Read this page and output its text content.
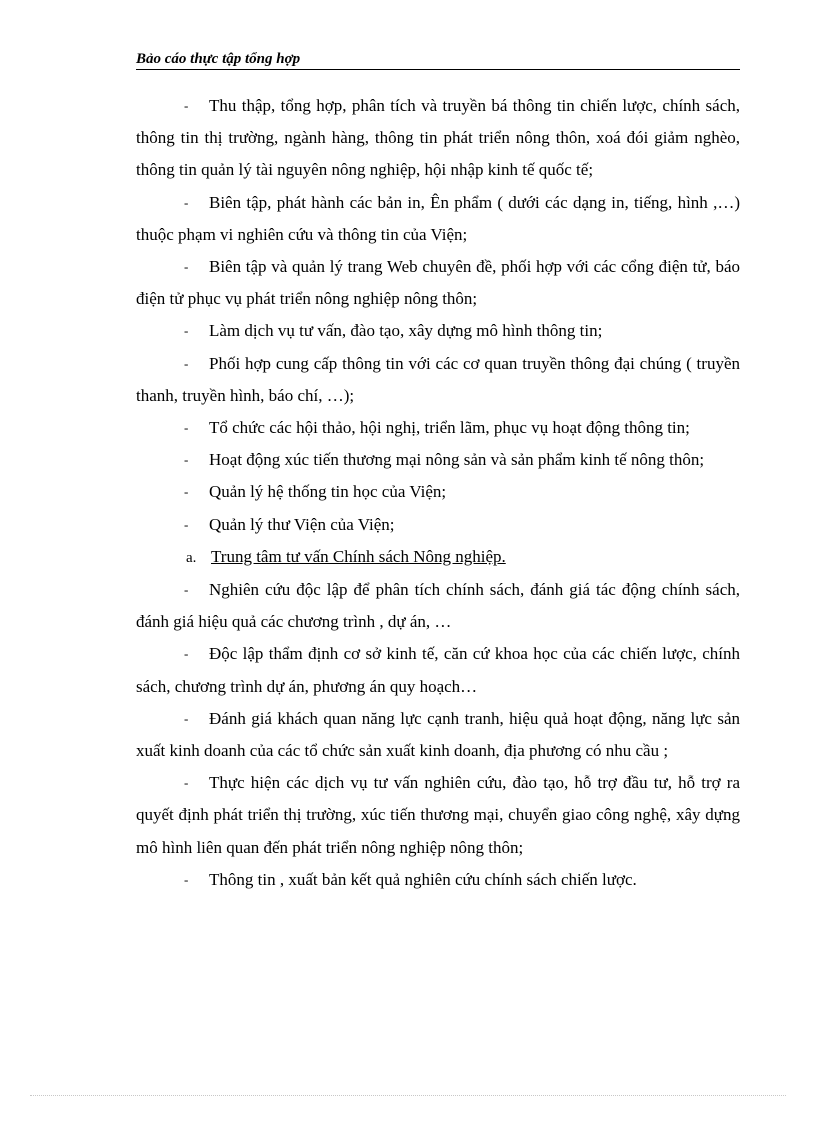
Bảo cáo thực tập tổng hợp

- Thu thập, tổng hợp, phân tích và truyền bá thông tin chiến lược, chính sách, thông tin thị trường, ngành hàng, thông tin phát triển nông thôn, xoá đói giảm nghèo, thông tin quản lý tài nguyên nông nghiệp, hội nhập kinh tế quốc tế;

- Biên tập, phát hành các bản in, Ên phẩm ( dưới các dạng in, tiếng, hình ,…) thuộc phạm vi nghiên cứu và thông tin của Viện;

- Biên tập và quản lý trang Web chuyên đề, phối hợp với các cổng điện tử, báo điện tử phục vụ phát triển nông nghiệp nông thôn;

- Làm dịch vụ tư vấn, đào tạo, xây dựng mô hình thông tin;

- Phối hợp cung cấp thông tin với các cơ quan truyền thông đại chúng ( truyền thanh, truyền hình, báo chí, …);

- Tổ chức các hội thảo, hội nghị, triển lãm, phục vụ hoạt động thông tin;

- Hoạt động xúc tiến thương mại nông sản và sản phẩm kinh tế nông thôn;

- Quản lý hệ thống tin học của Viện;

- Quản lý thư Viện của Viện;

a. Trung tâm tư vấn Chính sách Nông nghiệp.

- Nghiên cứu độc lập để phân tích chính sách, đánh giá tác động chính sách, đánh giá hiệu quả các chương trình , dự án, …

- Độc lập thẩm định cơ sở kinh tế, căn cứ khoa học của các chiến lược, chính sách, chương trình dự án, phương án quy hoạch…

- Đánh giá khách quan năng lực cạnh tranh, hiệu quả hoạt động, năng lực sản xuất kinh doanh của các tổ chức sản xuất kinh doanh, địa phương có nhu cầu ;

- Thực hiện các dịch vụ tư vấn nghiên cứu, đào tạo, hỗ trợ đầu tư, hỗ trợ ra quyết định phát triển thị trường, xúc tiến thương mại, chuyển giao công nghệ, xây dựng mô hình liên quan đến phát triển nông nghiệp nông thôn;

- Thông tin , xuất bản kết quả nghiên cứu chính sách chiến lược.
